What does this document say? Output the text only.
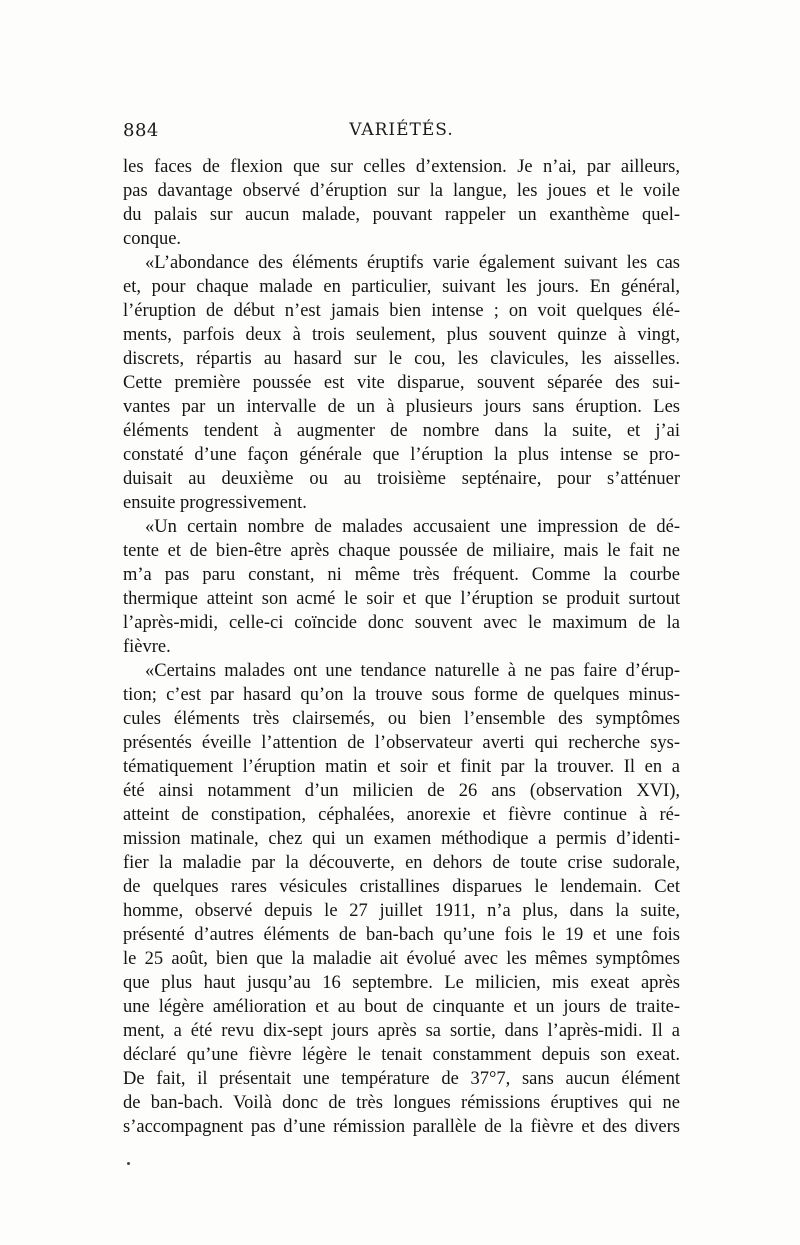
884	VARIÉTÉS.
les faces de flexion que sur celles d’extension. Je n’ai, par ailleurs,
pas davantage observé d’éruption sur la langue, les joues et le voile
du palais sur aucun malade, pouvant rappeler un exanthème quel-
conque.
«L’abondance des éléments éruptifs varie également suivant les cas
et, pour chaque malade en particulier, suivant les jours. En général,
l’éruption de début n’est jamais bien intense ; on voit quelques élé-
ments, parfois deux à trois seulement, plus souvent quinze à vingt,
discrets, répartis au hasard sur le cou, les clavicules, les aisselles.
Cette première poussée est vite disparue, souvent séparée des sui-
vantes par un intervalle de un à plusieurs jours sans éruption. Les
éléments tendent à augmenter de nombre dans la suite, et j’ai
constaté d’une façon générale que l’éruption la plus intense se pro-
duisait au deuxième ou au troisième septénaire, pour s’atténuer
ensuite progressivement.
«Un certain nombre de malades accusaient une impression de dé-
tente et de bien-être après chaque poussée de miliaire, mais le fait ne
m’a pas paru constant, ni même très fréquent. Comme la courbe
thermique atteint son acmé le soir et que l’éruption se produit surtout
l’après-midi, celle-ci coïncide donc souvent avec le maximum de la
fièvre.
«Certains malades ont une tendance naturelle à ne pas faire d’érup-
tion; c’est par hasard qu’on la trouve sous forme de quelques minus-
cules éléments très clairsemés, ou bien l’ensemble des symptômes
présentés éveille l’attention de l’observateur averti qui recherche sys-
tématiquement l’éruption matin et soir et finit par la trouver. Il en a
été ainsi notamment d’un milicien de 26 ans (observation XVI),
atteint de constipation, céphalées, anorexie et fièvre continue à ré-
mission matinale, chez qui un examen méthodique a permis d’identi-
fier la maladie par la découverte, en dehors de toute crise sudorale,
de quelques rares vésicules cristallines disparues le lendemain. Cet
homme, observé depuis le 27 juillet 1911, n’a plus, dans la suite,
présenté d’autres éléments de ban-bach qu’une fois le 19 et une fois
le 25 août, bien que la maladie ait évolué avec les mêmes symptômes
que plus haut jusqu’au 16 septembre. Le milicien, mis exeat après
une légère amélioration et au bout de cinquante et un jours de traite-
ment, a été revu dix-sept jours après sa sortie, dans l’après-midi. Il a
déclaré qu’une fièvre légère le tenait constamment depuis son exeat.
De fait, il présentait une température de 37°7, sans aucun élément
de ban-bach. Voilà donc de très longues rémissions éruptives qui ne
s’accompagnent pas d’une rémission parallèle de la fièvre et des divers
